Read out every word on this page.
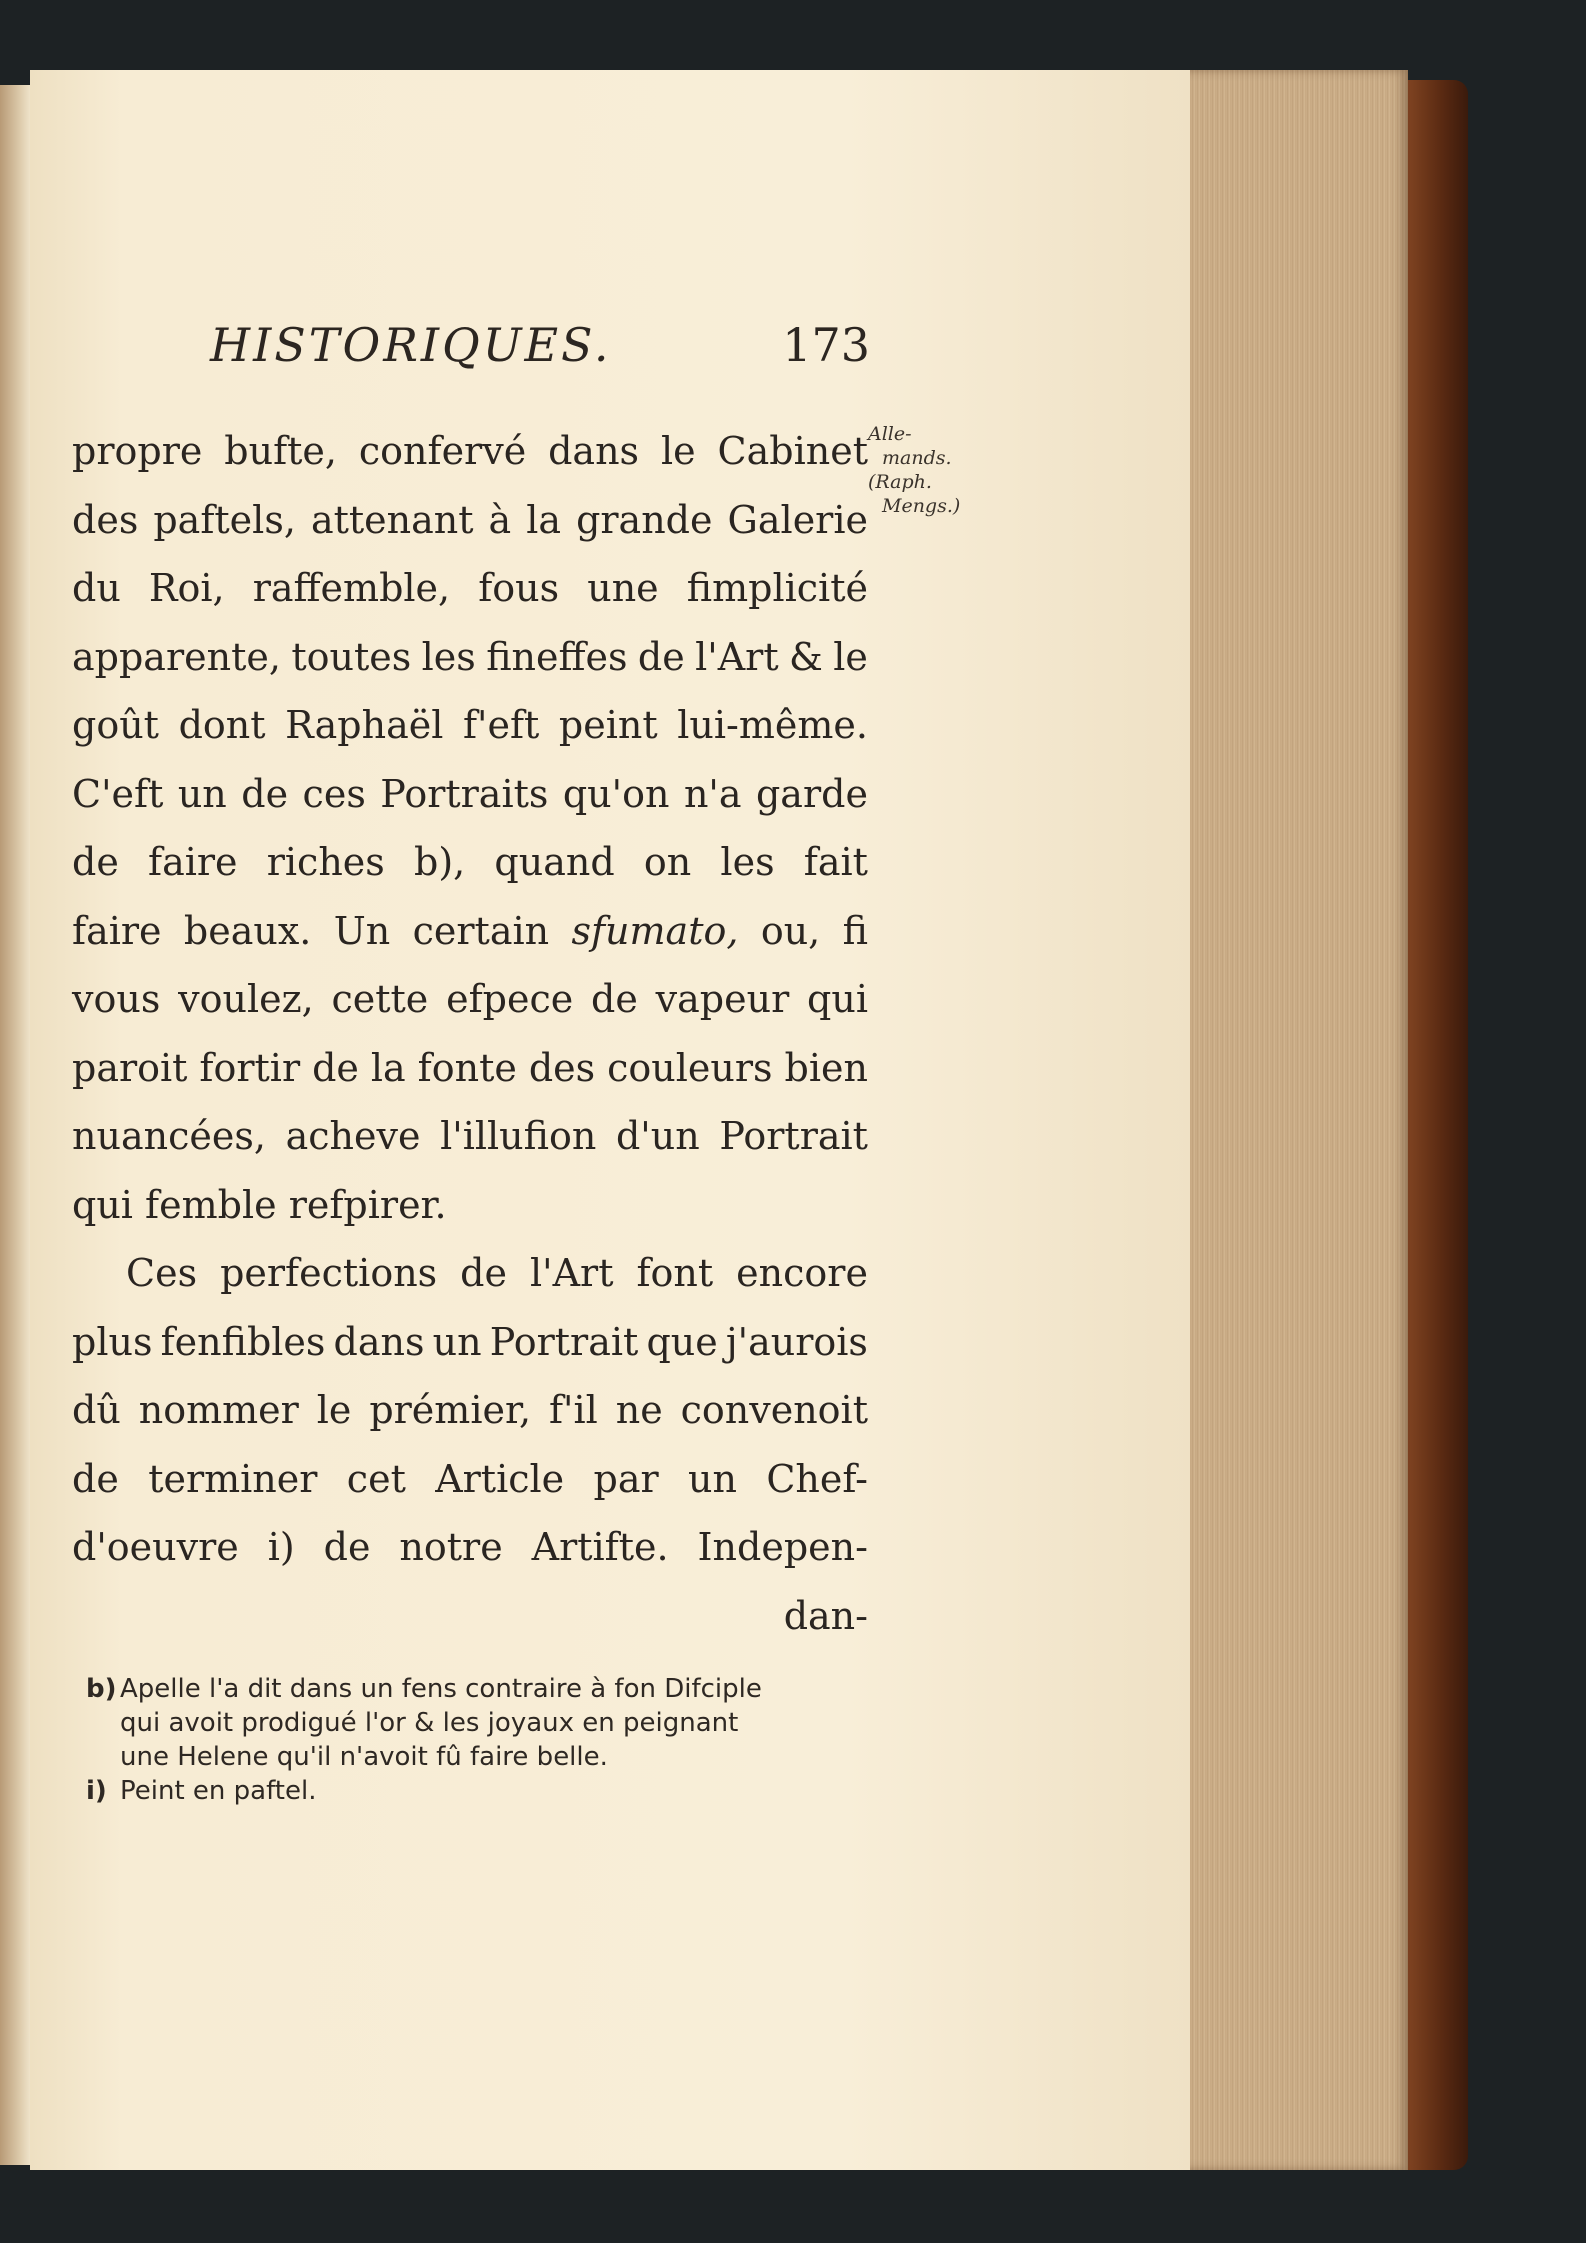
HISTORIQUES.	173
propre bufte, confervé dans le Cabinet
des paftels, attenant à la grande Galerie
du Roi, raffemble, fous une fimplicité
apparente, toutes les fineffes de l'Art & le
goût dont Raphaël f'eft peint lui-même.
C'eft un de ces Portraits qu'on n'a garde
de faire riches b), quand on les fait
faire beaux. Un certain sfumato, ou, fi
vous voulez, cette efpece de vapeur qui
paroit fortir de la fonte des couleurs bien
nuancées, acheve l'illufion d'un Portrait
qui
femble
refpirer.
Ces perfections de l'Art font encore
plus fenfibles dans un Portrait que j'aurois
dû nommer le prémier, f'il ne convenoit
de terminer cet Article par un Chef-
d'oeuvre i) de notre Artifte. Indepen-
dan-
Alle-
mands.
(Raph.
Mengs.)
b) Apelle l'a dit dans un fens contraire à fon Difciple
qui avoit prodigué l'or & les joyaux en peignant
une Helene qu'il n'avoit fû faire belle.
i) Peint en paftel.
